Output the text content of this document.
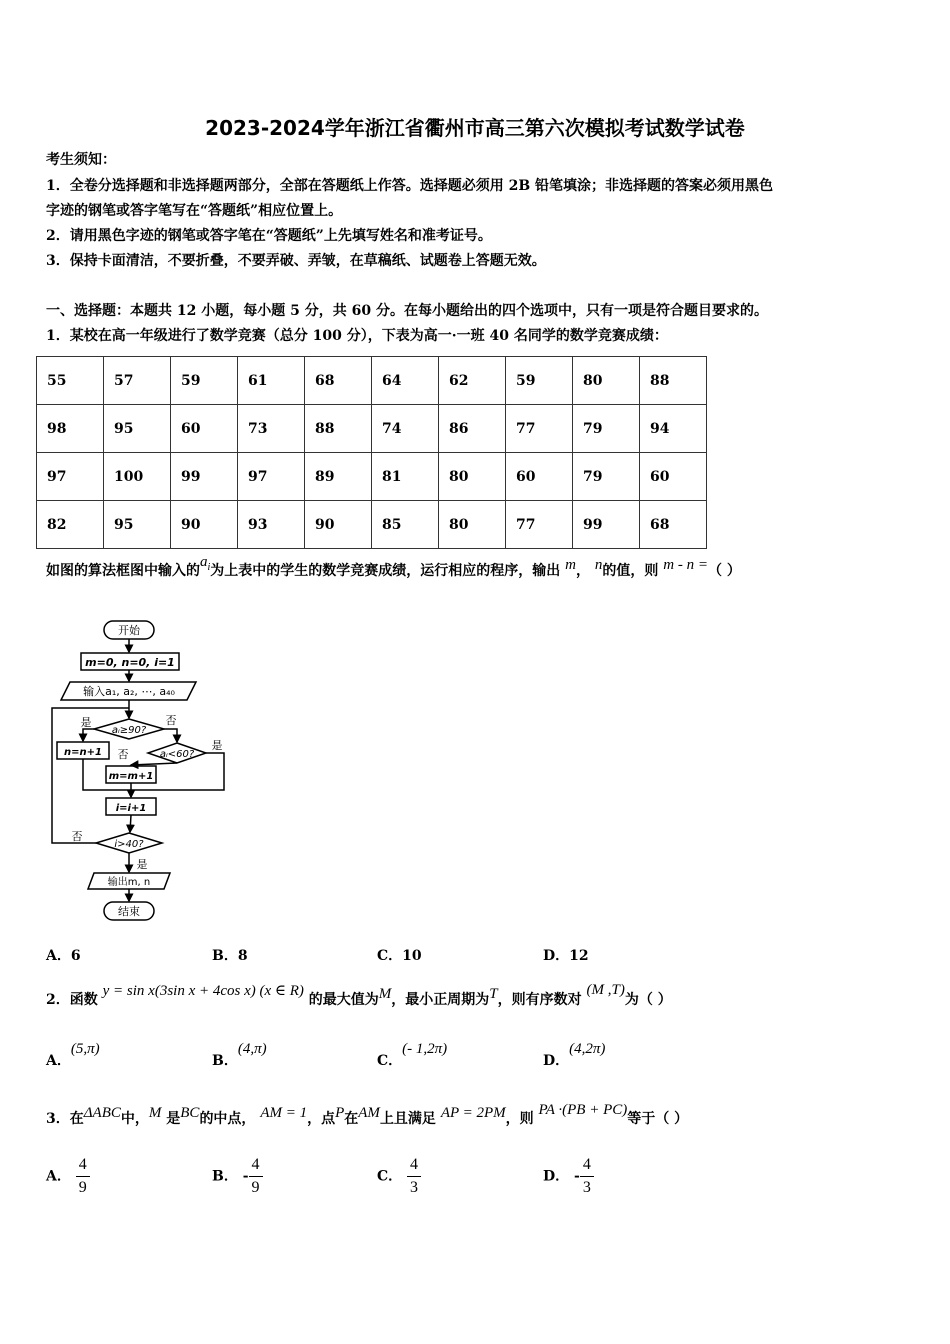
2023-2024学年浙江省衢州市高三第六次模拟考试数学试卷
考生须知：
1．全卷分选择题和非选择题两部分，全部在答题纸上作答。选择题必须用 2B 铅笔填涂；非选择题的答案必须用黑色
字迹的钢笔或答字笔写在“答题纸”相应位置上。
2．请用黑色字迹的钢笔或答字笔在“答题纸”上先填写姓名和准考证号。
3．保持卡面清洁，不要折叠，不要弄破、弄皱，在草稿纸、试题卷上答题无效。
一、选择题：本题共 12 小题，每小题 5 分，共 60 分。在每小题给出的四个选项中，只有一项是符合题目要求的。
1．某校在高一年级进行了数学竞赛（总分 100 分），下表为高一·一班 40 名同学的数学竞赛成绩：
55	57	59	61	68	64	62	59	80	88
98	95	60	73	88	74	86	77	79	94
97	100	99	97	89	81	80	60	79	60
82	95	90	93	90	85	80	77	99	68
如图的算法框图中输入的$a_i$为上表中的学生的数学竞赛成绩，运行相应的程序，输出 m， n的值，则 m - n =（ ）
开始
m=0, n=0, i=1
输入a₁, a₂, ⋯, a₄₀
aᵢ≥90?
aᵢ<60?
n=n+1
m=m+1
i=i+1
i>40?
输出m, n
结束
是	否
是
否
否
是
A．6	B．8	C．10	D．12
2．函数 y = sin x(3sin x + 4cos x) (x ∈ R) 的最大值为M，最小正周期为T，则有序数对 (M ,T)为（ ）
A．(5,π)
B．(4,π)
C．(- 1,2π)
D．(4,2π)
3．在ΔABC中，M 是BC的中点， AM = 1，点P在AM上且满足 AP = 2PM，则 PA ·(PB + PC)等于（ ）
A． $\frac{4}{9}$	B． - $\frac{4}{9}$	C． $\frac{4}{3}$	D． - $\frac{4}{3}$
